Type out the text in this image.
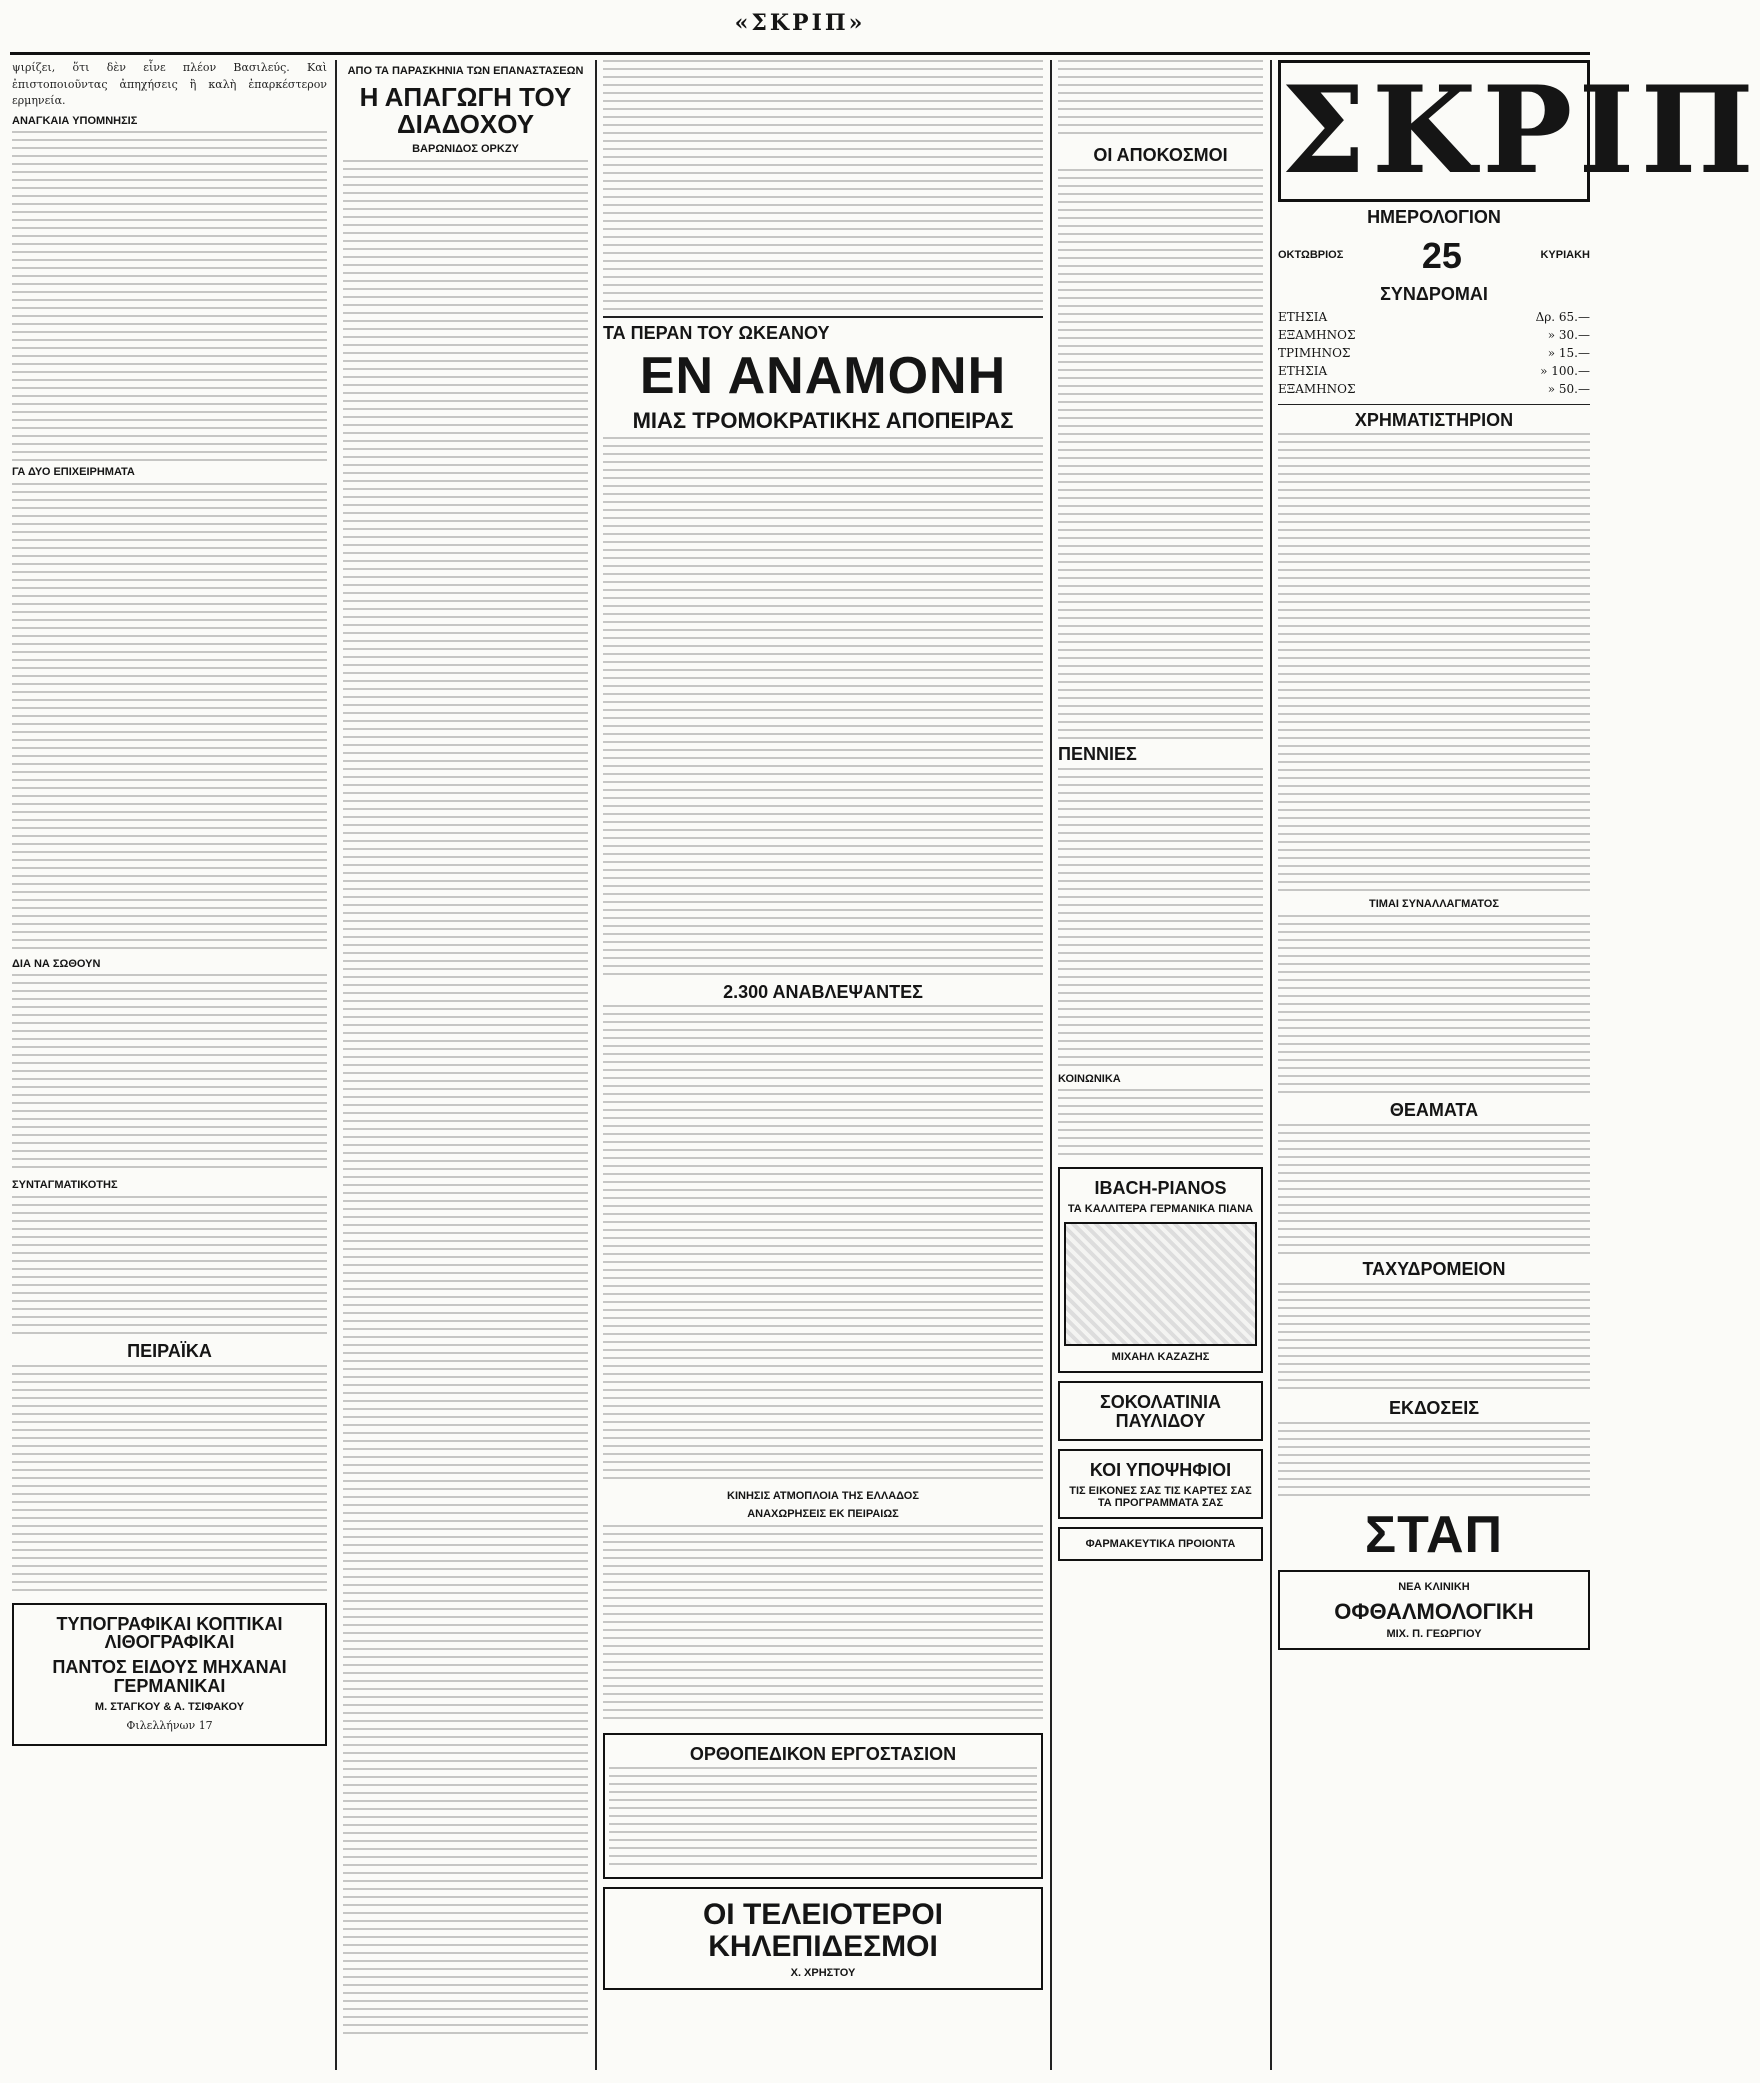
«ΣΚΡΙΠ»

ψιρίζει, ὅτι δὲν εἶνε πλέον Βασιλεύς. Καὶ ἐπιστοποιοῦντας ἀπηχήσεις ἢ καλὴ ἐπαρκέστερον ερμηνεία.

ΑΝΑΓΚΑΙΑ ΥΠΟΜΝΗΣΙΣ
ΓΑ ΔΥΟ ΕΠΙΧΕΙΡΗΜΑΤΑ
ΔΙΑ ΝΑ ΣΩΘΟΥΝ
ΣΥΝΤΑΓΜΑΤΙΚΟΤΗΣ
ΠΕΙΡΑΪΚΑ
ΤΥΠΟΓΡΑΦΙΚΑΙ ΚΟΠΤΙΚΑΙ ΛΙΘΟΓΡΑΦΙΚΑΙ
ΠΑΝΤΟΣ ΕΙΔΟΥΣ ΜΗΧΑΝΑΙ ΓΕΡΜΑΝΙΚΑΙ
Μ. ΣΤΑΓΚΟΥ & Α. ΤΣΙΦΑΚΟΥ
Φιλελλήνων 17
ΑΠΟ ΤΑ ΠΑΡΑΣΚΗΝΙΑ ΤΩΝ ΕΠΑΝΑΣΤΑΣΕΩΝ
Η ΑΠΑΓΩΓΗ ΤΟΥ ΔΙΑΔΟΧΟΥ
ΒΑΡΩΝΙΔΟΣ ΟΡΚΖΥ
ΤΑ ΠΕΡΑΝ ΤΟΥ ΩΚΕΑΝΟΥ
ΕΝ ΑΝΑΜΟΝΗ
ΜΙΑΣ ΤΡΟΜΟΚΡΑΤΙΚΗΣ ΑΠΟΠΕΙΡΑΣ
2.300 ΑΝΑΒΛΕΨΑΝΤΕΣ
ΚΙΝΗΣΙΣ ΑΤΜΟΠΛΟΙΑ ΤΗΣ ΕΛΛΑΔΟΣ
ΑΝΑΧΩΡΗΣΕΙΣ ΕΚ ΠΕΙΡΑΙΩΣ
ΟΡΘΟΠΕΔΙΚΟΝ ΕΡΓΟΣΤΑΣΙΟΝ
ΟΙ ΤΕΛΕΙΟΤΕΡΟΙ ΚΗΛΕΠΙΔΕΣΜΟΙ
Χ. ΧΡΗΣΤΟΥ
ΟΙ ΑΠΟΚΟΣΜΟΙ
ΠΕΝΝΙΕΣ
ΚΟΙΝΩΝΙΚΑ
ΙΒΑCH-PIANOS
ΤΑ ΚΑΛΛΙΤΕΡΑ ΓΕΡΜΑΝΙΚΑ ΠΙΑΝΑ
ΜΙΧΑΗΛ ΚΑΖΑΖΗΣ
ΣΟΚΟΛΑΤΙΝΙΑ ΠΑΥΛΙΔΟΥ
ΚΟΙ ΥΠΟΨΗΦΙΟΙ
ΤΙΣ ΕΙΚΟΝΕΣ ΣΑΣ ΤΙΣ ΚΑΡΤΕΣ ΣΑΣ ΤΑ ΠΡΟΓΡΑΜΜΑΤΑ ΣΑΣ
ΦΑΡΜΑΚΕΥΤΙΚΑ ΠΡΟΙΟΝΤΑ
ΣΚΡΙΠ
ΗΜΕΡΟΛΟΓΙΟΝ
ΟΚΤΩΒΡΙΟΣ 25	ΚΥΡΙΑΚΗ
ΣΥΝΔΡΟΜΑΙ
ΕΤΗΣΙΑ	Δρ. 65.—
ΕΞΑΜΗΝΟΣ	» 30.—
ΤΡΙΜΗΝΟΣ	» 15.—
ΕΤΗΣΙΑ	» 100.—
ΕΞΑΜΗΝΟΣ	» 50.—
ΧΡΗΜΑΤΙΣΤΗΡΙΟΝ
ΤΙΜΑΙ ΣΥΝΑΛΛΑΓΜΑΤΟΣ
ΘΕΑΜΑΤΑ
ΤΑΧΥΔΡΟΜΕΙΟΝ
ΕΚΔΟΣΕΙΣ
ΣΤΑΠ
ΝΕΑ ΚΛΙΝΙΚΗ
ΟΦΘΑΛΜΟΛΟΓΙΚΗ
ΜΙΧ. Π. ΓΕΩΡΓΙΟΥ
